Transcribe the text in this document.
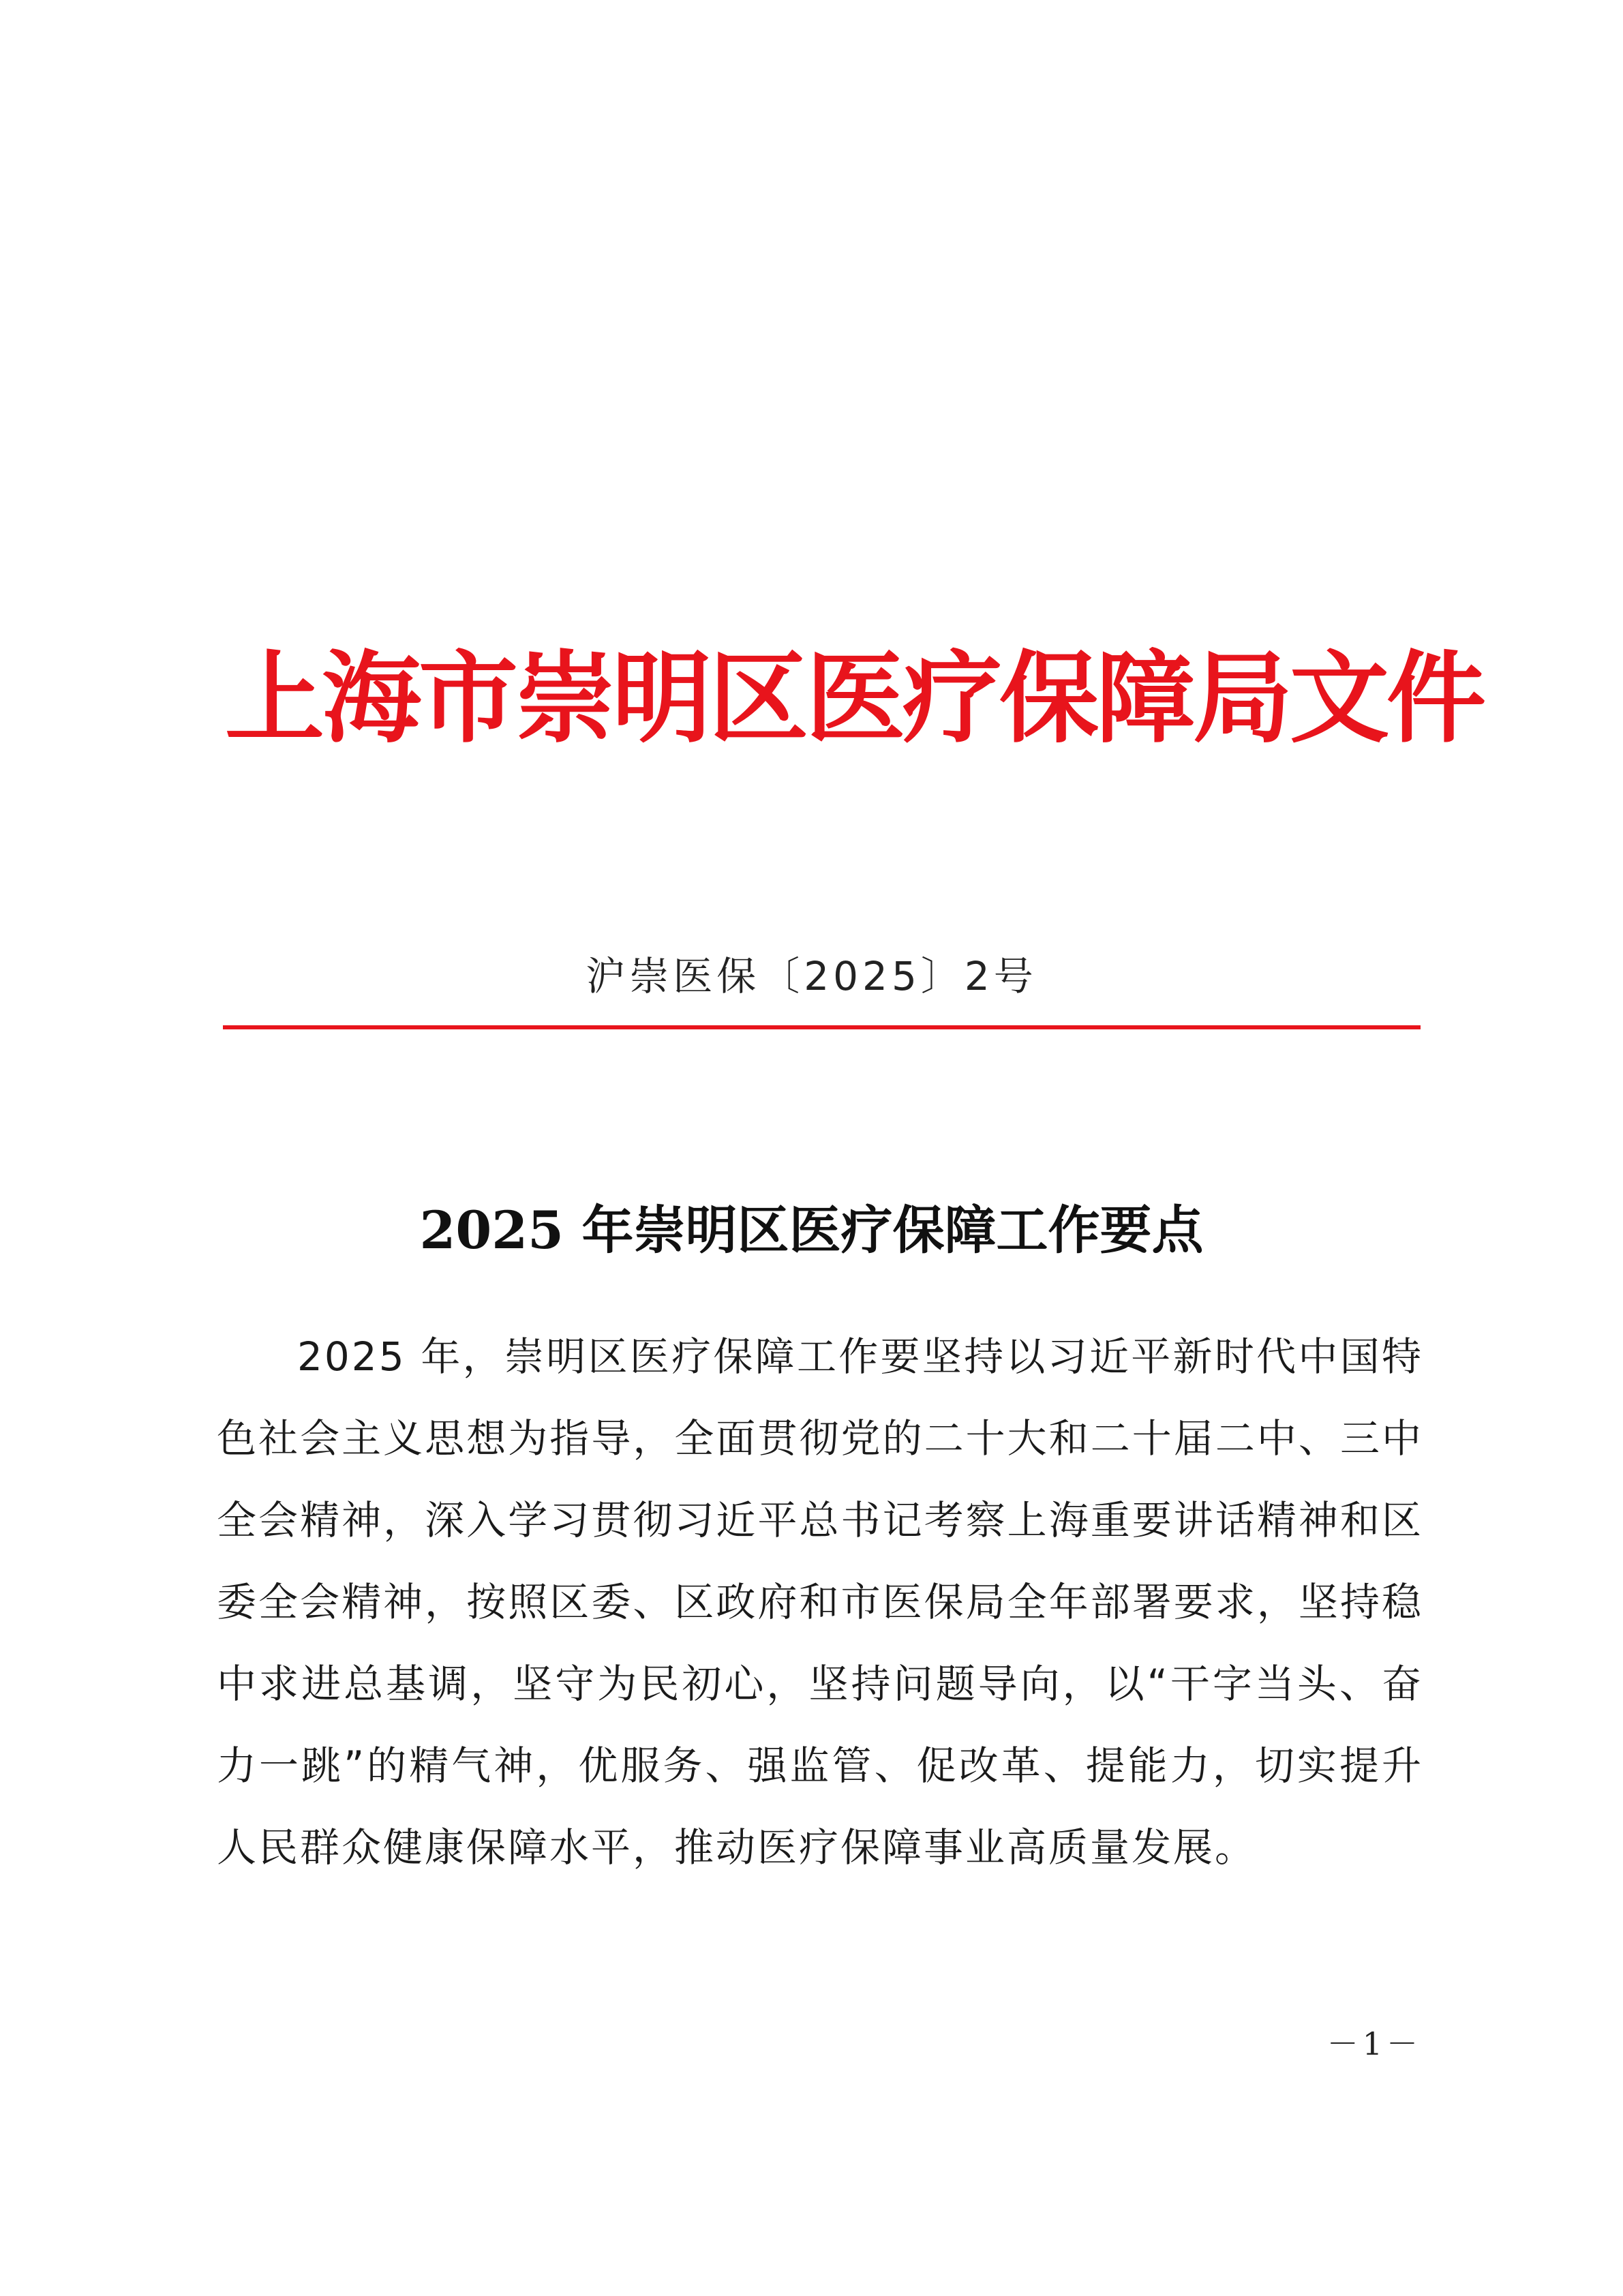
上海市崇明区医疗保障局文件
沪崇医保〔2025〕2号
2025 年崇明区医疗保障工作要点

2025 年，崇明区医疗保障工作要坚持以习近平新时代中国特色社会主义思想为指导，全面贯彻党的二十大和二十届二中、三中全会精神，深入学习贯彻习近平总书记考察上海重要讲话精神和区委全会精神，按照区委、区政府和市医保局全年部署要求，坚持稳中求进总基调，坚守为民初心，坚持问题导向，以“干字当头、奋力一跳”的精气神，优服务、强监管、促改革、提能力，切实提升人民群众健康保障水平，推动医疗保障事业高质量发展。

－1－
